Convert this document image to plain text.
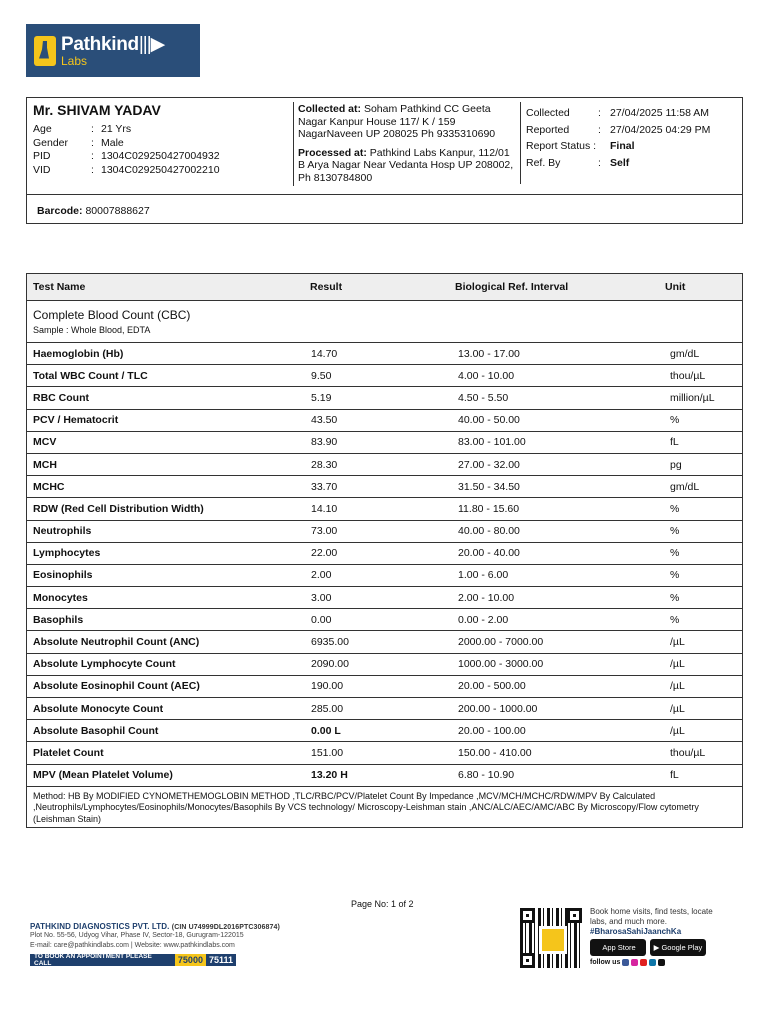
Pathkind|||▶
Labs
Mr. SHIVAM YADAV
Age	: 21 Yrs
Gender	: Male
PID	: 1304C029250427004932
VID	: 1304C029250427002210
Collected at: Soham Pathkind CC Geeta Nagar Kanpur House 117/ K / 159 NagarNaveen UP 208025 Ph 9335310690
Processed at: Pathkind Labs Kanpur, 112/01 B Arya Nagar Near Vedanta Hosp UP 208002, Ph 8130784800
Collected	: 27/04/2025 11:58 AM
Reported	: 27/04/2025 04:29 PM
Report Status : Final
Ref. By	: Self
Barcode: 80007888627
Test Name	Result	Biological Ref. Interval	Unit
Complete Blood Count (CBC)
Sample : Whole Blood, EDTA
Haemoglobin (Hb)	14.70	13.00 - 17.00	gm/dL
Total WBC Count / TLC	9.50	4.00 - 10.00	thou/µL
RBC Count	5.19	4.50 - 5.50	million/µL
PCV / Hematocrit	43.50	40.00 - 50.00	%
MCV	83.90	83.00 - 101.00	fL
MCH	28.30	27.00 - 32.00	pg
MCHC	33.70	31.50 - 34.50	gm/dL
RDW (Red Cell Distribution Width)	14.10	11.80 - 15.60	%
Neutrophils	73.00	40.00 - 80.00	%
Lymphocytes	22.00	20.00 - 40.00	%
Eosinophils	2.00	1.00 - 6.00	%
Monocytes	3.00	2.00 - 10.00	%
Basophils	0.00	0.00 - 2.00	%
Absolute Neutrophil Count (ANC)	6935.00	2000.00 - 7000.00	/µL
Absolute Lymphocyte Count	2090.00	1000.00 - 3000.00	/µL
Absolute Eosinophil Count (AEC)	190.00	20.00 - 500.00	/µL
Absolute Monocyte Count	285.00	200.00 - 1000.00	/µL
Absolute Basophil Count	0.00 L	20.00 - 100.00	/µL
Platelet Count	151.00	150.00 - 410.00	thou/µL
MPV (Mean Platelet Volume)	13.20 H	6.80 - 10.90	fL
Method: HB By MODIFIED CYNOMETHEMOGLOBIN METHOD ,TLC/RBC/PCV/Platelet Count By Impedance ,MCV/MCH/MCHC/RDW/MPV By Calculated ,Neutrophils/Lymphocytes/Eosinophils/Monocytes/Basophils By VCS technology/ Microscopy-Leishman stain ,ANC/ALC/AEC/AMC/ABC By Microscopy/Flow cytometry (Leishman Stain)
Page No: 1 of 2
PATHKIND DIAGNOSTICS PVT. LTD. (CIN U74999DL2016PTC306874)
Plot No. 55-56, Udyog Vihar, Phase IV, Sector-18, Gurugram-122015
E-mail: care@pathkindlabs.com | Website: www.pathkindlabs.com
TO BOOK AN APPOINTMENT PLEASE CALL	75000 75111
Book home visits, find tests, locate labs, and much more.
#BharosaSahiJaanchKa
App Store ▶ Google Play
follow us
